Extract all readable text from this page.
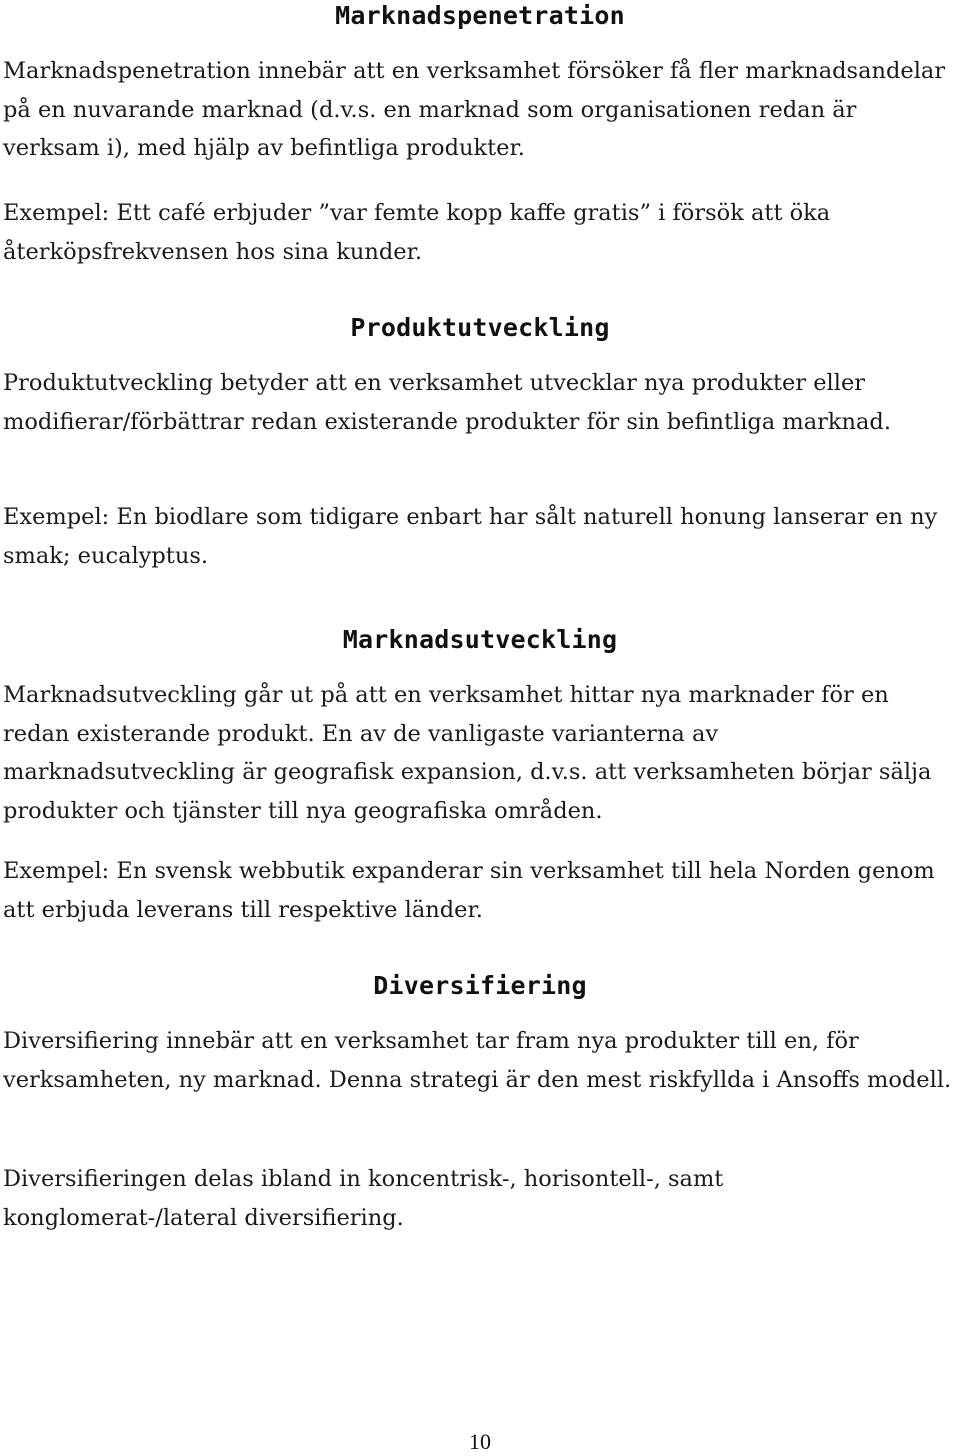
Marknadspenetration

Marknadspenetration innebär att en verksamhet försöker få fler marknadsandelar på en nuvarande marknad (d.v.s. en marknad som organisationen redan är verksam i), med hjälp av befintliga produkter.

Exempel: Ett café erbjuder ”var femte kopp kaffe gratis” i försök att öka återköpsfrekvensen hos sina kunder.

Produktutveckling

Produktutveckling betyder att en verksamhet utvecklar nya produkter eller modifierar/förbättrar redan existerande produkter för sin befintliga marknad.

Exempel: En biodlare som tidigare enbart har sålt naturell honung lanserar en ny smak; eucalyptus.

Marknadsutveckling

Marknadsutveckling går ut på att en verksamhet hittar nya marknader för en redan existerande produkt. En av de vanligaste varianterna av marknadsutveckling är geografisk expansion, d.v.s. att verksamheten börjar sälja produkter och tjänster till nya geografiska områden.

Exempel: En svensk webbutik expanderar sin verksamhet till hela Norden genom att erbjuda leverans till respektive länder.

Diversifiering

Diversifiering innebär att en verksamhet tar fram nya produkter till en, för verksamheten, ny marknad. Denna strategi är den mest riskfyllda i Ansoffs modell.

Diversifieringen delas ibland in koncentrisk-, horisontell-, samt konglomerat-/lateral diversifiering.

10
